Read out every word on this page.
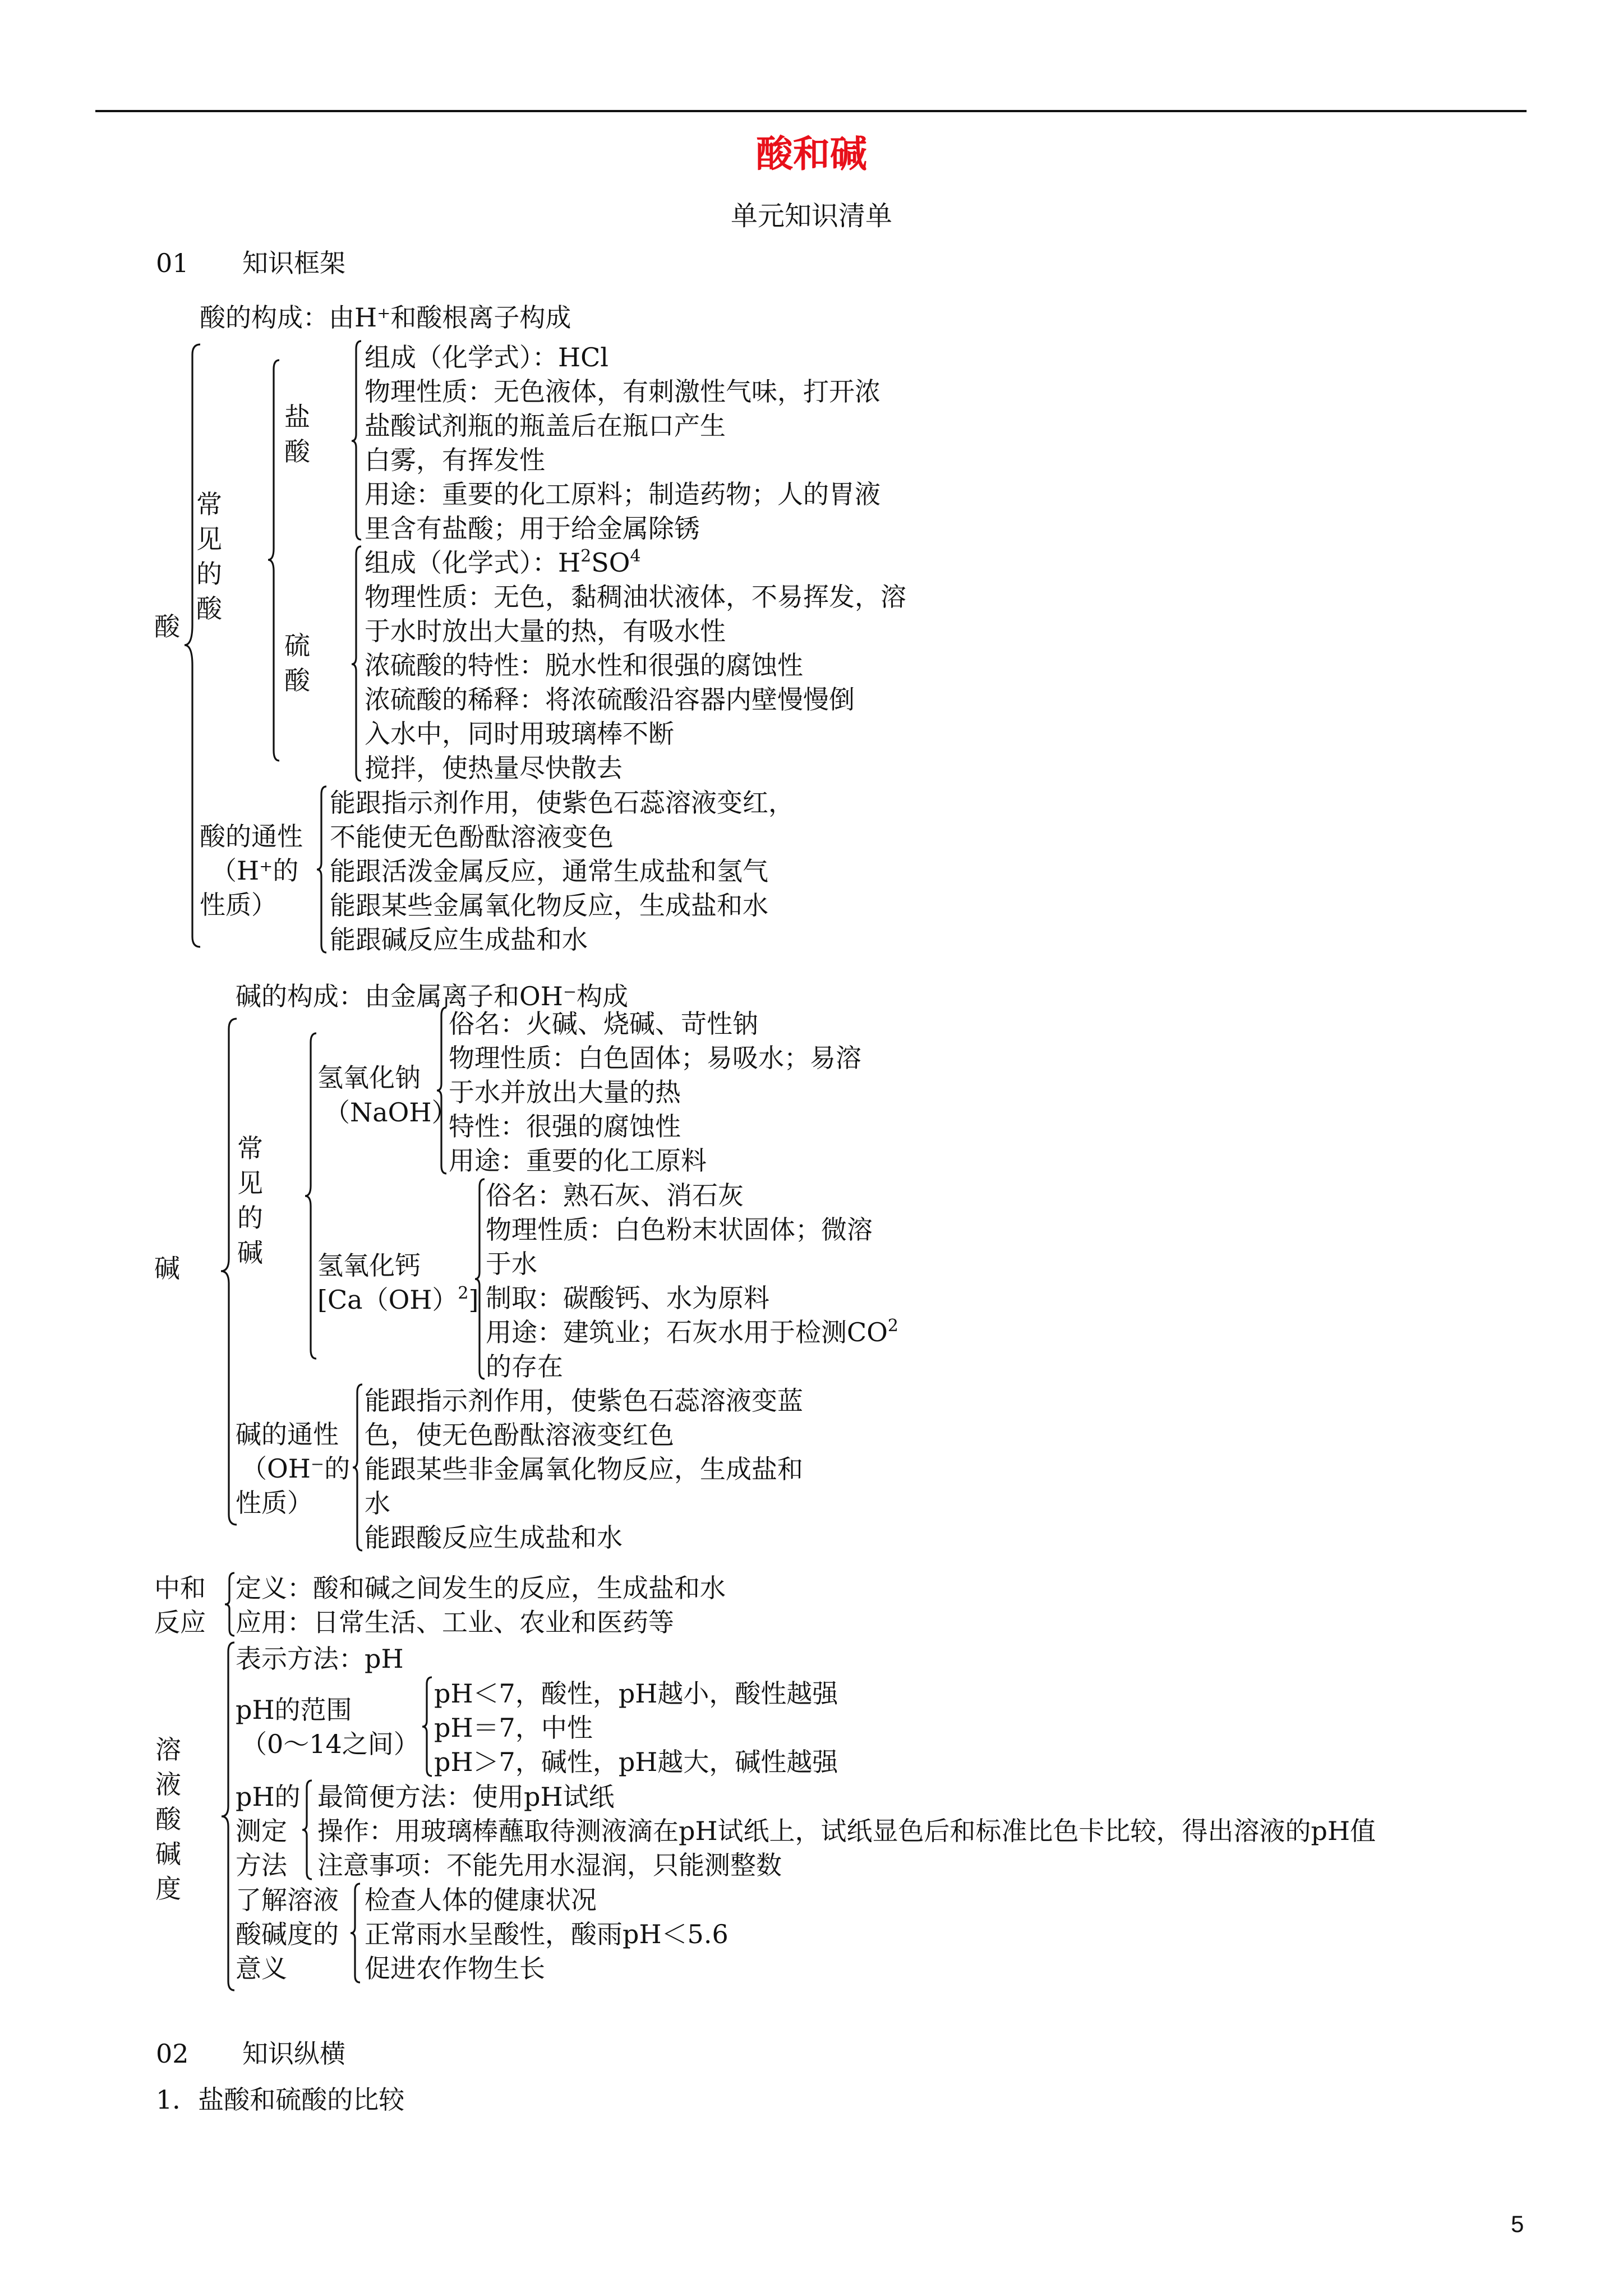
酸和碱
单元知识清单
01 知识框架
酸的构成：由H⁺和酸根离子构成
酸
常
见
的
酸
盐
酸
组成（化学式）：HCl
物理性质：无色液体，有刺激性气味，打开浓
盐酸试剂瓶的瓶盖后在瓶口产生
白雾，有挥发性
用途：重要的化工原料；制造药物；人的胃液
里含有盐酸；用于给金属除锈
硫
酸
组成（化学式）：$H^2SO^4$
物理性质：无色，黏稠油状液体，不易挥发，溶
于水时放出大量的热，有吸水性
浓硫酸的特性：脱水性和很强的腐蚀性
浓硫酸的稀释：将浓硫酸沿容器内壁慢慢倒
入水中，同时用玻璃棒不断
搅拌，使热量尽快散去
酸的通性
（H⁺的
性质）
能跟指示剂作用，使紫色石蕊溶液变红，
不能使无色酚酞溶液变色
能跟活泼金属反应，通常生成盐和氢气
能跟某些金属氧化物反应，生成盐和水
能跟碱反应生成盐和水
碱的构成：由金属离子和OH⁻构成
碱
常
见
的
碱
氢氧化钠
（NaOH）
俗名：火碱、烧碱、苛性钠
物理性质：白色固体；易吸水；易溶
于水并放出大量的热
特性：很强的腐蚀性
用途：重要的化工原料
氢氧化钙
[Ca（OH）$^2$]
俗名：熟石灰、消石灰
物理性质：白色粉末状固体；微溶
于水
制取：碳酸钙、水为原料
用途：建筑业；石灰水用于检测$CO^2$
的存在
碱的通性
（OH⁻的
性质）
能跟指示剂作用，使紫色石蕊溶液变蓝
色，使无色酚酞溶液变红色
能跟某些非金属氧化物反应，生成盐和
水
能跟酸反应生成盐和水
中和
反应
定义：酸和碱之间发生的反应，生成盐和水
应用：日常生活、工业、农业和医药等
溶
液
酸
碱
度
表示方法：pH
pH的范围
（0～14之间）
pH＜7，酸性，pH越小，酸性越强
pH＝7，中性
pH＞7，碱性，pH越大，碱性越强
pH的
测定
方法
最简便方法：使用pH试纸
操作：用玻璃棒蘸取待测液滴在pH试纸上，试纸显色后和标准比色卡比较，得出溶液的pH值
注意事项：不能先用水湿润，只能测整数
了解溶液
酸碱度的
意义
检查人体的健康状况
正常雨水呈酸性，酸雨pH＜5.6
促进农作物生长
02 知识纵横
1．盐酸和硫酸的比较
5
